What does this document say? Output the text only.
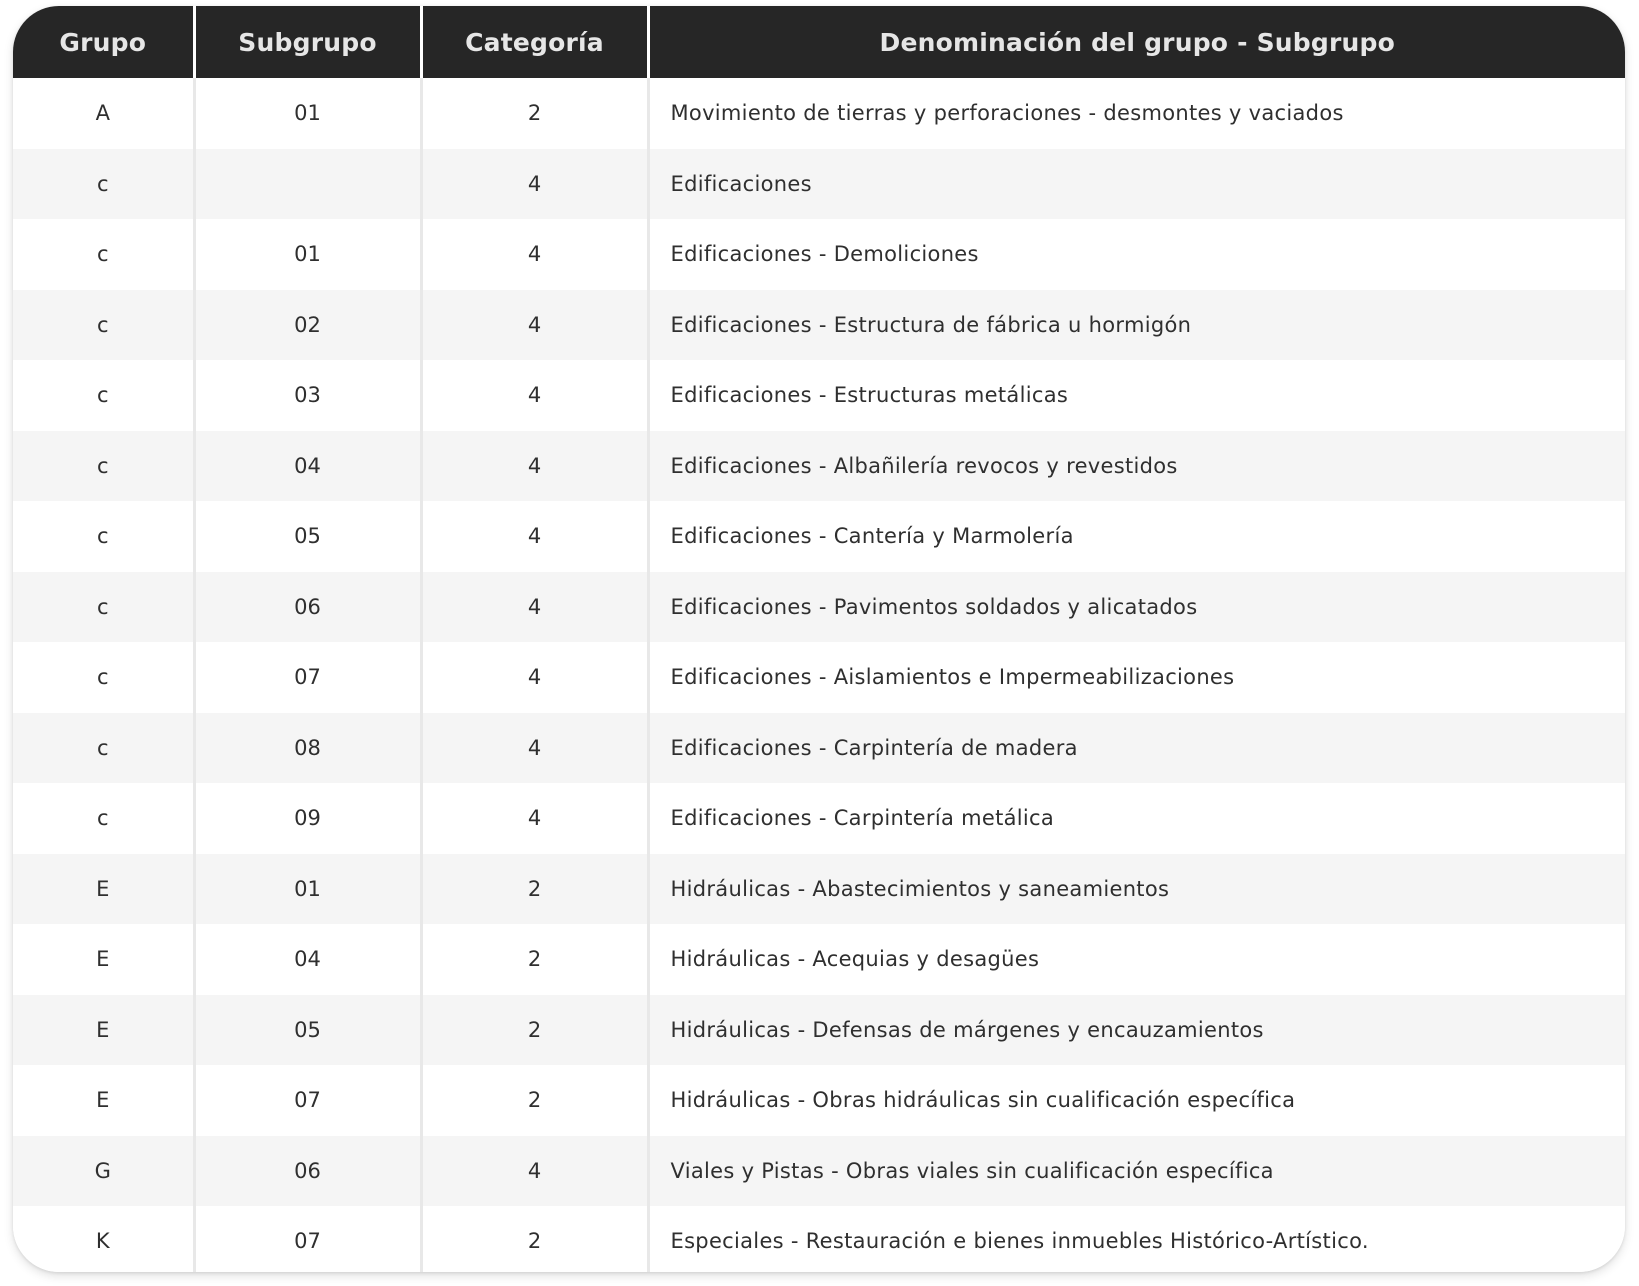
Grupo	Subgrupo	Categoría	Denominación del grupo - Subgrupo
A	01	2	Movimiento de tierras y perforaciones - desmontes y vaciados
c		4	Edificaciones
c	01	4	Edificaciones - Demoliciones
c	02	4	Edificaciones - Estructura de fábrica u hormigón
c	03	4	Edificaciones - Estructuras metálicas
c	04	4	Edificaciones - Albañilería revocos y revestidos
c	05	4	Edificaciones - Cantería y Marmolería
c	06	4	Edificaciones - Pavimentos soldados y alicatados
c	07	4	Edificaciones - Aislamientos e Impermeabilizaciones
c	08	4	Edificaciones - Carpintería de madera
c	09	4	Edificaciones - Carpintería metálica
E	01	2	Hidráulicas - Abastecimientos y saneamientos
E	04	2	Hidráulicas - Acequias y desagües
E	05	2	Hidráulicas - Defensas de márgenes y encauzamientos
E	07	2	Hidráulicas - Obras hidráulicas sin cualificación específica
G	06	4	Viales y Pistas - Obras viales sin cualificación específica
K	07	2	Especiales - Restauración e bienes inmuebles Histórico-Artístico.
